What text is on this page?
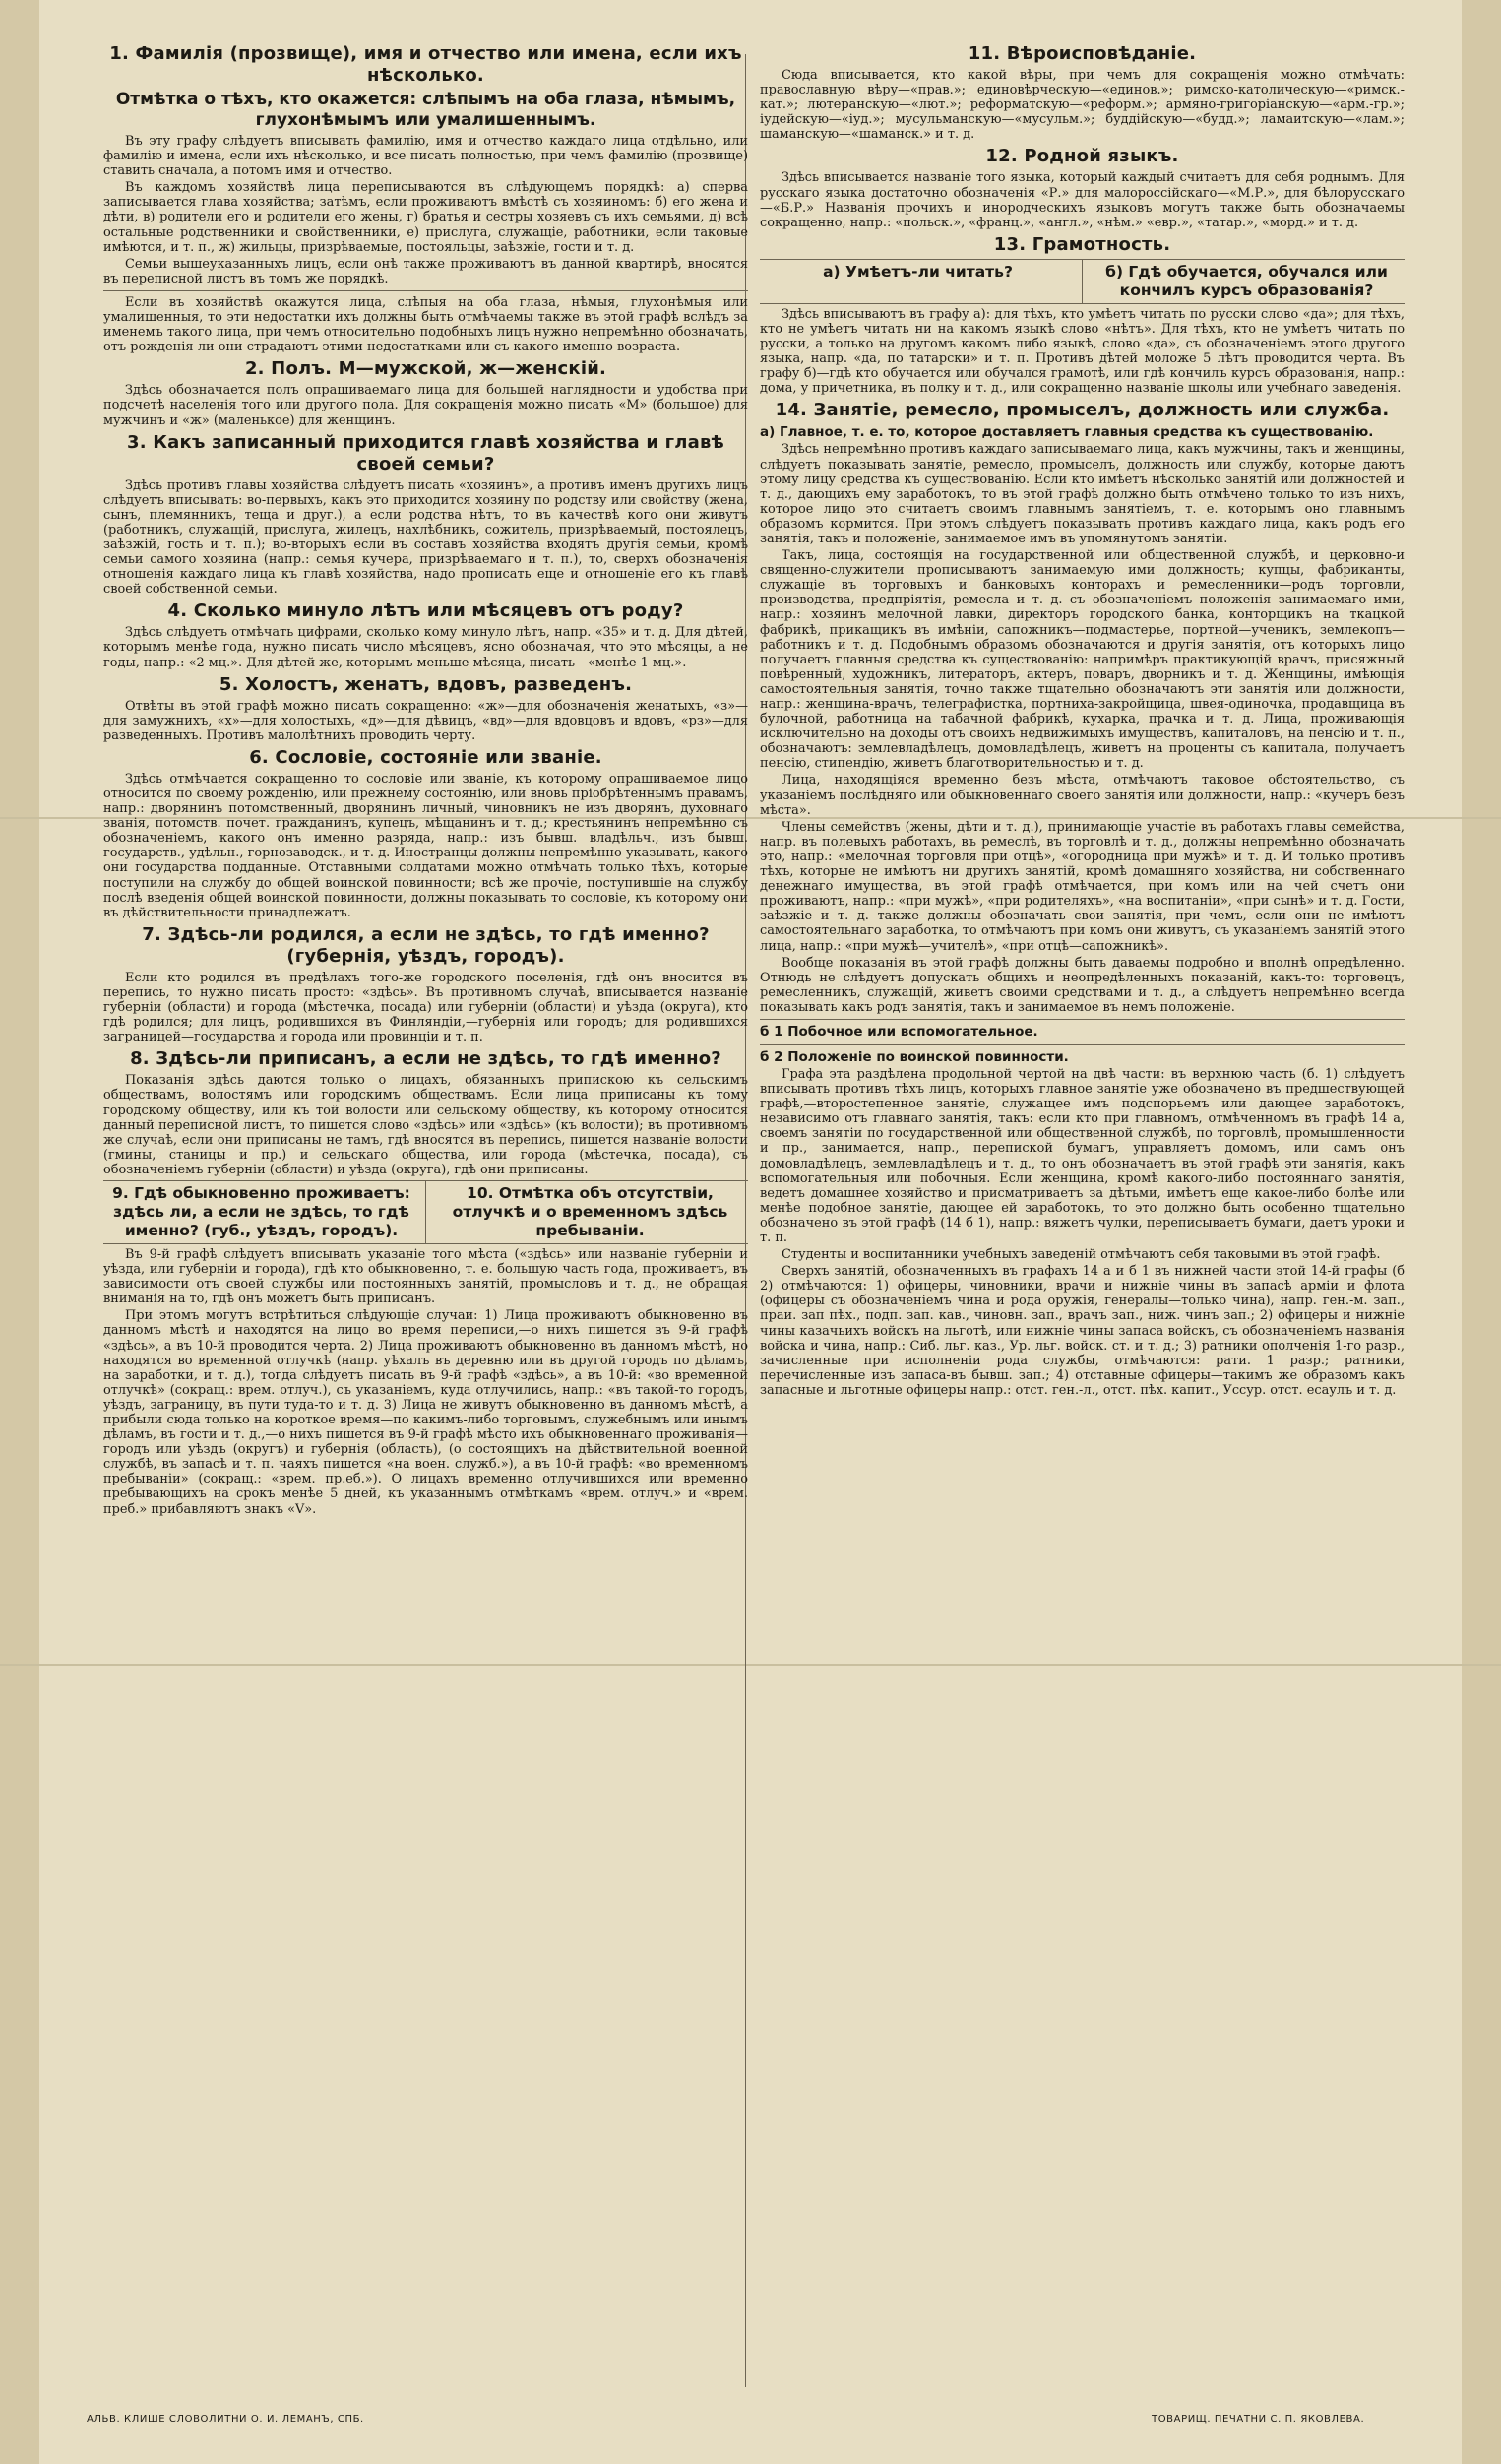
1. Фамилія (прозвище), имя и отчество или имена, если ихъ нѣсколько.
Отмѣтка о тѣхъ, кто окажется: слѣпымъ на оба глаза, нѣмымъ, глухонѣмымъ или умалишеннымъ.

Въ эту графу слѣдуетъ вписывать фамилію, имя и отчество каждаго лица отдѣльно, или фамилію и имена, если ихъ нѣсколько, и все писать полностью, при чемъ фамилію (прозвище) ставить сначала, а потомъ имя и отчество.

Въ каждомъ хозяйствѣ лица переписываются въ слѣдующемъ порядкѣ: а) сперва записывается глава хозяйства; затѣмъ, если проживаютъ вмѣстѣ съ хозяиномъ: б) его жена и дѣти, в) родители его и родители его жены, г) братья и сестры хозяевъ съ ихъ семьями, д) всѣ остальные родственники и свойственники, е) прислуга, служащіе, работники, если таковые имѣются, и т. п., ж) жильцы, призрѣваемые, постояльцы, заѣзжіе, гости и т. д.

Семьи вышеуказанныхъ лицъ, если онѣ также проживаютъ въ данной квартирѣ, вносятся въ переписной листъ въ томъ же порядкѣ.

Если въ хозяйствѣ окажутся лица, слѣпыя на оба глаза, нѣмыя, глухонѣмыя или умалишенныя, то эти недостатки ихъ должны быть отмѣчаемы также въ этой графѣ вслѣдъ за именемъ такого лица, при чемъ относительно подобныхъ лицъ нужно непремѣнно обозначать, отъ рожденія-ли они страдаютъ этими недостатками или съ какого именно возраста.

2. Полъ. М—мужской, ж—женскій.

Здѣсь обозначается полъ опрашиваемаго лица для большей наглядности и удобства при подсчетѣ населенія того или другого пола. Для сокращенія можно писать «М» (большое) для мужчинъ и «ж» (маленькое) для женщинъ.

3. Какъ записанный приходится главѣ хозяйства и главѣ своей семьи?

Здѣсь противъ главы хозяйства слѣдуетъ писать «хозяинъ», а противъ именъ другихъ лицъ слѣдуетъ вписывать: во-первыхъ, какъ это приходится хозяину по родству или свойству (жена, сынъ, племянникъ, теща и друг.), а если родства нѣтъ, то въ качествѣ кого они живутъ (работникъ, служащій, прислуга, жилецъ, нахлѣбникъ, сожитель, призрѣваемый, постоялецъ, заѣзжій, гость и т. п.); во-вторыхъ если въ составъ хозяйства входятъ другія семьи, кромѣ семьи самого хозяина (напр.: семья кучера, призрѣваемаго и т. п.), то, сверхъ обозначенія отношенія каждаго лица къ главѣ хозяйства, надо прописать еще и отношеніе его къ главѣ своей собственной семьи.

4. Сколько минуло лѣтъ или мѣсяцевъ отъ роду?

Здѣсь слѣдуетъ отмѣчать цифрами, сколько кому минуло лѣтъ, напр. «35» и т. д. Для дѣтей, которымъ менѣе года, нужно писать число мѣсяцевъ, ясно обозначая, что это мѣсяцы, а не годы, напр.: «2 мц.». Для дѣтей же, которымъ меньше мѣсяца, писать—«менѣе 1 мц.».

5. Холостъ, женатъ, вдовъ, разведенъ.

Отвѣты въ этой графѣ можно писать сокращенно: «ж»—для обозначенія женатыхъ, «з»—для замужнихъ, «х»—для холостыхъ, «д»—для дѣвицъ, «вд»—для вдовцовъ и вдовъ, «рз»—для разведенныхъ. Противъ малолѣтнихъ проводить черту.

6. Сословіе, состояніе или званіе.

Здѣсь отмѣчается сокращенно то сословіе или званіе, къ которому опрашиваемое лицо относится по своему рожденію, или прежнему состоянію, или вновь пріобрѣтеннымъ правамъ, напр.: дворянинъ потомственный, дворянинъ личный, чиновникъ не изъ дворянъ, духовнаго званія, потомств. почет. гражданинъ, купецъ, мѣщанинъ и т. д.; крестьянинъ непремѣнно съ обозначеніемъ, какого онъ именно разряда, напр.: изъ бывш. владѣльч., изъ бывш. государств., удѣльн., горнозаводск., и т. д. Иностранцы должны непремѣнно указывать, какого они государства подданные. Отставными солдатами можно отмѣчать только тѣхъ, которые поступили на службу до общей воинской повинности; всѣ же прочіе, поступившіе на службу послѣ введенія общей воинской повинности, должны показывать то сословіе, къ которому они въ дѣйствительности принадлежатъ.

7. Здѣсь-ли родился, а если не здѣсь, то гдѣ именно? (губернія, уѣздъ, городъ).

Если кто родился въ предѣлахъ того-же городского поселенія, гдѣ онъ вносится въ перепись, то нужно писать просто: «здѣсь». Въ противномъ случаѣ, вписывается названіе губерніи (области) и города (мѣстечка, посада) или губерніи (области) и уѣзда (округа), кто гдѣ родился; для лицъ, родившихся въ Финляндіи,—губернія или городъ; для родившихся заграницей—государства и города или провинціи и т. п.

8. Здѣсь-ли приписанъ, а если не здѣсь, то гдѣ именно?

Показанія здѣсь даются только о лицахъ, обязанныхъ припискою къ сельскимъ обществамъ, волостямъ или городскимъ обществамъ. Если лица приписаны къ тому городскому обществу, или къ той волости или сельскому обществу, къ которому относится данный переписной листъ, то пишется слово «здѣсь» или «здѣсь» (къ волости); въ противномъ же случаѣ, если они приписаны не тамъ, гдѣ вносятся въ перепись, пишется названіе волости (гмины, станицы и пр.) и сельскаго общества, или города (мѣстечка, посада), съ обозначеніемъ губерніи (области) и уѣзда (округа), гдѣ они приписаны.

9. Гдѣ обыкновенно проживаетъ: здѣсь ли, а если не здѣсь, то гдѣ именно? (губ., уѣздъ, городъ).
10. Отмѣтка объ отсутствіи, отлучкѣ и о временномъ здѣсь пребываніи.

Въ 9-й графѣ слѣдуетъ вписывать указаніе того мѣста («здѣсь» или названіе губерніи и уѣзда, или губерніи и города), гдѣ кто обыкновенно, т. е. большую часть года, проживаетъ, въ зависимости отъ своей службы или постоянныхъ занятій, промысловъ и т. д., не обращая вниманія на то, гдѣ онъ можетъ быть приписанъ.

При этомъ могутъ встрѣтиться слѣдующіе случаи: 1) Лица проживаютъ обыкновенно въ данномъ мѣстѣ и находятся на лицо во время переписи,—о нихъ пишется въ 9-й графѣ «здѣсь», а въ 10-й проводится черта. 2) Лица проживаютъ обыкновенно въ данномъ мѣстѣ, но находятся во временной отлучкѣ (напр. уѣхалъ въ деревню или въ другой городъ по дѣламъ, на заработки, и т. д.), тогда слѣдуетъ писать въ 9-й графѣ «здѣсь», а въ 10-й: «во временной отлучкѣ» (сокращ.: врем. отлуч.), съ указаніемъ, куда отлучились, напр.: «въ такой-то городъ, уѣздъ, заграницу, въ пути туда-то и т. д. 3) Лица не живутъ обыкновенно въ данномъ мѣстѣ, а прибыли сюда только на короткое время—по какимъ-либо торговымъ, служебнымъ или инымъ дѣламъ, въ гости и т. д.,—о нихъ пишется въ 9-й графѣ мѣсто ихъ обыкновеннаго проживанія—городъ или уѣздъ (округъ) и губернія (область), (о состоящихъ на дѣйствительной военной службѣ, въ запасѣ и т. п. чаяхъ пишется «на воен. служб.»), а въ 10-й графѣ: «во временномъ пребываніи» (сокращ.: «врем. пр.еб.»). О лицахъ временно отлучившихся или временно пребывающихъ на срокъ менѣе 5 дней, къ указаннымъ отмѣткамъ «врем. отлуч.» и «врем. преб.» прибавляютъ знакъ «V».

11. Вѣроисповѣданіе.

Сюда вписывается, кто какой вѣры, при чемъ для сокращенія можно отмѣчать: православную вѣру—«прав.»; единовѣрческую—«единов.»; римско-католическую—«римск.-кат.»; лютеранскую—«лют.»; реформатскую—«реформ.»; армяно-григоріанскую—«арм.-гр.»; іудейскую—«іуд.»; мусульманскую—«мусульм.»; буддійскую—«будд.»; ламаитскую—«лам.»; шаманскую—«шаманск.» и т. д.

12. Родной языкъ.

Здѣсь вписывается названіе того языка, который каждый считаетъ для себя роднымъ. Для русскаго языка достаточно обозначенія «Р.» для малороссійскаго—«М.Р.», для бѣлорусскаго—«Б.Р.» Названія прочихъ и инородческихъ языковъ могутъ также быть обозначаемы сокращенно, напр.: «польск.», «франц.», «англ.», «нѣм.» «евр.», «татар.», «морд.» и т. д.

13. Грамотность.
а) Умѣетъ-ли читать?	б) Гдѣ обучается, обучался или кончилъ курсъ образованія?

Здѣсь вписываютъ въ графу а): для тѣхъ, кто умѣетъ читать по русски слово «да»; для тѣхъ, кто не умѣетъ читать ни на какомъ языкѣ слово «нѣтъ». Для тѣхъ, кто не умѣетъ читать по русски, а только на другомъ какомъ либо языкѣ, слово «да», съ обозначеніемъ этого другого языка, напр. «да, по татарски» и т. п. Противъ дѣтей моложе 5 лѣтъ проводится черта. Въ графу б)—гдѣ кто обучается или обучался грамотѣ, или гдѣ кончилъ курсъ образованія, напр.: дома, у причетника, въ полку и т. д., или сокращенно названіе школы или учебнаго заведенія.

14. Занятіе, ремесло, промыселъ, должность или служба.
а) Главное, т. е. то, которое доставляетъ главныя средства къ существованію.

Здѣсь непремѣнно противъ каждаго записываемаго лица, какъ мужчины, такъ и женщины, слѣдуетъ показывать занятіе, ремесло, промыселъ, должность или службу, которые даютъ этому лицу средства къ существованію. Если кто имѣетъ нѣсколько занятій или должностей и т. д., дающихъ ему заработокъ, то въ этой графѣ должно быть отмѣчено только то изъ нихъ, которое лицо это считаетъ своимъ главнымъ занятіемъ, т. е. которымъ оно главнымъ образомъ кормится. При этомъ слѣдуетъ показывать противъ каждаго лица, какъ родъ его занятія, такъ и положеніе, занимаемое имъ въ упомянутомъ занятіи.

Такъ, лица, состоящія на государственной или общественной службѣ, и церковно-и священно-служители прописываютъ занимаемую ими должность; купцы, фабриканты, служащіе въ торговыхъ и банковыхъ конторахъ и ремесленники—родъ торговли, производства, предпріятія, ремесла и т. д. съ обозначеніемъ положенія занимаемаго ими, напр.: хозяинъ мелочной лавки, директоръ городского банка, конторщикъ на ткацкой фабрикѣ, прикащикъ въ имѣніи, сапожникъ—подмастерье, портной—ученикъ, землекопъ—работникъ и т. д. Подобнымъ образомъ обозначаются и другія занятія, отъ которыхъ лицо получаетъ главныя средства къ существованію: напримѣръ практикующій врачъ, присяжный повѣренный, художникъ, литераторъ, актеръ, поваръ, дворникъ и т. д. Женщины, имѣющія самостоятельныя занятія, точно также тщательно обозначаютъ эти занятія или должности, напр.: женщина-врачъ, телеграфистка, портниха-закройщица, швея-одиночка, продавщица въ булочной, работница на табачной фабрикѣ, кухарка, прачка и т. д. Лица, проживающія исключительно на доходы отъ своихъ недвижимыхъ имуществъ, капиталовъ, на пенсію и т. п., обозначаютъ: землевладѣлецъ, домовладѣлецъ, живетъ на проценты съ капитала, получаетъ пенсію, стипендію, живетъ благотворительностью и т. д.

Лица, находящіяся временно безъ мѣста, отмѣчаютъ таковое обстоятельство, съ указаніемъ послѣдняго или обыкновеннаго своего занятія или должности, напр.: «кучеръ безъ мѣста».

Члены семействъ (жены, дѣти и т. д.), принимающіе участіе въ работахъ главы семейства, напр. въ полевыхъ работахъ, въ ремеслѣ, въ торговлѣ и т. д., должны непремѣнно обозначать это, напр.: «мелочная торговля при отцѣ», «огородница при мужѣ» и т. д. И только противъ тѣхъ, которые не имѣютъ ни другихъ занятій, кромѣ домашняго хозяйства, ни собственнаго денежнаго имущества, въ этой графѣ отмѣчается, при комъ или на чей счетъ они проживаютъ, напр.: «при мужѣ», «при родителяхъ», «на воспитаніи», «при сынѣ» и т. д. Гости, заѣзжіе и т. д. также должны обозначать свои занятія, при чемъ, если они не имѣютъ самостоятельнаго заработка, то отмѣчаютъ при комъ они живутъ, съ указаніемъ занятій этого лица, напр.: «при мужѣ—учителѣ», «при отцѣ—сапожникѣ».

Вообще показанія въ этой графѣ должны быть даваемы подробно и вполнѣ опредѣленно. Отнюдь не слѣдуетъ допускать общихъ и неопредѣленныхъ показаній, какъ-то: торговецъ, ремесленникъ, служащій, живетъ своими средствами и т. д., а слѣдуетъ непремѣнно всегда показывать какъ родъ занятія, такъ и занимаемое въ немъ положеніе.

б 1 Побочное или вспомогательное.
б 2 Положеніе по воинской повинности.

Графа эта раздѣлена продольной чертой на двѣ части: въ верхнюю часть (б. 1) слѣдуетъ вписывать противъ тѣхъ лицъ, которыхъ главное занятіе уже обозначено въ предшествующей графѣ,—второстепенное занятіе, служащее имъ подспорьемъ или дающее заработокъ, независимо отъ главнаго занятія, такъ: если кто при главномъ, отмѣченномъ въ графѣ 14 а, своемъ занятіи по государственной или общественной службѣ, по торговлѣ, промышленности и пр., занимается, напр., перепиской бумагъ, управляетъ домомъ, или самъ онъ домовладѣлецъ, землевладѣлецъ и т. д., то онъ обозначаетъ въ этой графѣ эти занятія, какъ вспомогательныя или побочныя. Если женщина, кромѣ какого-либо постояннаго занятія, ведетъ домашнее хозяйство и присматриваетъ за дѣтьми, имѣетъ еще какое-либо болѣе или менѣе подобное занятіе, дающее ей заработокъ, то это должно быть особенно тщательно обозначено въ этой графѣ (14 б 1), напр.: вяжетъ чулки, переписываетъ бумаги, даетъ уроки и т. п.

Студенты и воспитанники учебныхъ заведеній отмѣчаютъ себя таковыми въ этой графѣ.

Сверхъ занятій, обозначенныхъ въ графахъ 14 а и б 1 въ нижней части этой 14-й графы (б 2) отмѣчаются: 1) офицеры, чиновники, врачи и нижніе чины въ запасѣ арміи и флота (офицеры съ обозначеніемъ чина и рода оружія, генералы—только чина), напр. ген.-м. зап., праи. зап пѣх., подп. зап. кав., чиновн. зап., врачъ зап., ниж. чинъ зап.; 2) офицеры и нижніе чины казачьихъ войскъ на льготѣ, или нижніе чины запаса войскъ, съ обозначеніемъ названія войска и чина, напр.: Сиб. льг. каз., Ур. льг. войск. ст. и т. д.; 3) ратники ополченія 1-го разр., зачисленные при исполненіи рода службы, отмѣчаются: рати. 1 разр.; ратники, перечисленные изъ запаса-въ бывш. зап.; 4) отставные офицеры—такимъ же образомъ какъ запасные и льготные офицеры напр.: отст. ген.-л., отст. пѣх. капит., Уссур. отст. есаулъ и т. д.

АЛЬВ. КЛИШЕ СЛОВОЛИТНИ О. И. ЛЕМАНЪ, СПБ.	ТОВАРИЩ. ПЕЧАТНИ С. П. ЯКОВЛЕВА.
